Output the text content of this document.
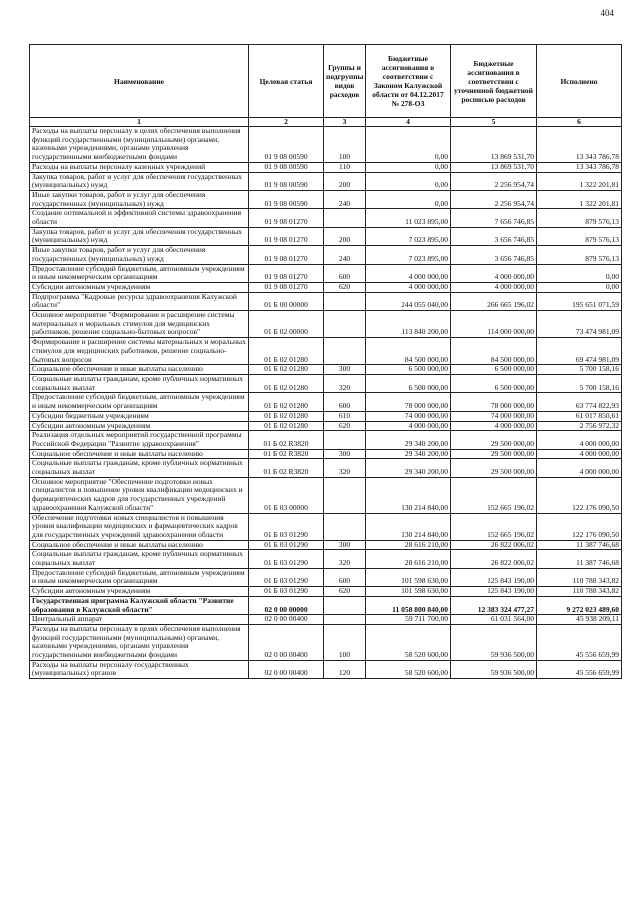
404
Наименование	Целевая статья	Группы и подгруппы видов расходов	Бюджетные ассигнования в соответствии с Законом Калужской области от 04.12.2017 № 278-ОЗ	Бюджетные ассигнования в соответствии с уточненной бюджетной росписью расходов	Исполнено
1	2	3	4	5	6
Расходы на выплаты персоналу в целях обеспечения выполнения функций государственными (муниципальными) органами, казенными учреждениями, органами управления государственными внебюджетными фондами	01 9 08 00590	100	0,00	13 869 531,70	13 343 786,78
Расходы на выплаты персоналу казенных учреждений	01 9 08 00590	110	0,00	13 869 531,70	13 343 786,78
Закупка товаров, работ и услуг для обеспечения государственных (муниципальных) нужд	01 9 08 00590	200	0,00	2 256 954,74	1 322 201,81
Иные закупки товаров, работ и услуг для обеспечения государственных (муниципальных) нужд	01 9 08 00590	240	0,00	2 256 954,74	1 322 201,81
Создание оптимальной и эффективной системы здравоохранения области	01 9 08 01270		11 023 895,00	7 656 746,85	879 576,13
Закупка товаров, работ и услуг для обеспечения государственных (муниципальных) нужд	01 9 08 01270	200	7 023 895,00	3 656 746,85	879 576,13
Иные закупки товаров, работ и услуг для обеспечения государственных (муниципальных) нужд	01 9 08 01270	240	7 023 895,00	3 656 746,85	879 576,13
Предоставление субсидий бюджетным, автономным учреждениям и иным некоммерческим организациям	01 9 08 01270	600	4 000 000,00	4 000 000,00	0,00
Субсидии автономным учреждениям	01 9 08 01270	620	4 000 000,00	4 000 000,00	0,00
Подпрограмма "Кадровые ресурсы здравоохранения Калужской области"	01 Б 00 00000		244 055 040,00	266 665 196,02	195 651 071,59
Основное мероприятие "Формирование и расширение системы материальных и моральных стимулов для медицинских работников, решение социально-бытовых вопросов"	01 Б 02 00000		113 840 200,00	114 000 000,00	73 474 981,09
Формирование и расширение системы материальных и моральных стимулов для медицинских работников, решение социально-бытовых вопросов	01 Б 02 01280		84 500 000,00	84 500 000,00	69 474 981,09
Социальное обеспечение и иные выплаты населению	01 Б 02 01280	300	6 500 000,00	6 500 000,00	5 700 158,16
Социальные выплаты гражданам, кроме публичных нормативных социальных выплат	01 Б 02 01280	320	6 500 000,00	6 500 000,00	5 700 158,16
Предоставление субсидий бюджетным, автономным учреждениям и иным некоммерческим организациям	01 Б 02 01280	600	78 000 000,00	78 000 000,00	63 774 822,93
Субсидии бюджетным учреждениям	01 Б 02 01280	610	74 000 000,00	74 000 000,00	61 017 850,61
Субсидии автономным учреждениям	01 Б 02 01280	620	4 000 000,00	4 000 000,00	2 756 972,32
Реализация отдельных мероприятий государственной программы Российской Федерации "Развитие здравоохранения"	01 Б 02 R3820		29 340 200,00	29 500 000,00	4 000 000,00
Социальное обеспечение и иные выплаты населению	01 Б 02 R3820	300	29 340 200,00	29 500 000,00	4 000 000,00
Социальные выплаты гражданам, кроме публичных нормативных социальных выплат	01 Б 02 R3820	320	29 340 200,00	29 500 000,00	4 000 000,00
Основное мероприятие "Обеспечение подготовки новых специалистов и повышение уровня квалификации медицинских и фармацевтических кадров для государственных учреждений здравоохранения Калужской области"	01 Б 03 00000		130 214 840,00	152 665 196,02	122 176 090,50
Обеспечение подготовки новых специалистов и повышения уровня квалификации медицинских и фармацевтических кадров для государственных учреждений здравоохранения области	01 Б 03 01290		130 214 840,00	152 665 196,02	122 176 090,50
Социальное обеспечение и иные выплаты населению	01 Б 03 01290	300	28 616 210,00	26 822 006,02	11 387 746,68
Социальные выплаты гражданам, кроме публичных нормативных социальных выплат	01 Б 03 01290	320	28 616 210,00	26 822 006,02	11 387 746,68
Предоставление субсидий бюджетным, автономным учреждениям и иным некоммерческим организациям	01 Б 03 01290	600	101 598 630,00	125 843 190,00	110 788 343,82
Субсидии автономным учреждениям	01 Б 03 01290	620	101 598 630,00	125 843 190,00	110 788 343,82
Государственная программа Калужской области "Развитие образования в Калужской области"	02 0 00 00000		11 058 800 840,00	12 383 324 477,27	9 272 023 489,60
Центральный аппарат	02 0 00 00400		59 711 700,00	61 031 564,00	45 938 209,11
Расходы на выплаты персоналу в целях обеспечения выполнения функций государственными (муниципальными) органами, казенными учреждениями, органами управления государственными внебюджетными фондами	02 0 00 00400	100	58 520 600,00	59 936 500,00	45 556 659,99
Расходы на выплаты персоналу государственных (муниципальных) органов	02 0 00 00400	120	58 520 600,00	59 936 500,00	45 556 659,99
